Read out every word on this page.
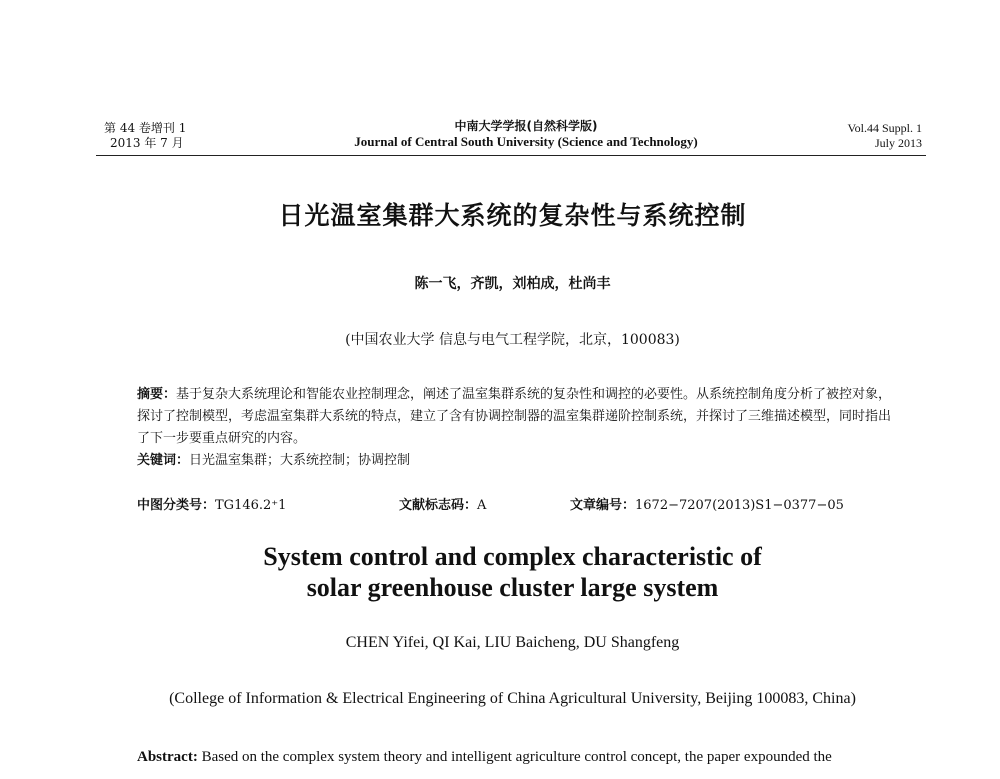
第 44 卷增刊 1
2013 年 7 月
中南大学学报(自然科学版)
Journal of Central South University (Science and Technology)
Vol.44 Suppl. 1
July 2013
日光温室集群大系统的复杂性与系统控制
陈一飞，齐凯，刘柏成，杜尚丰
(中国农业大学 信息与电气工程学院，北京，100083)
摘要：基于复杂大系统理论和智能农业控制理念，阐述了温室集群系统的复杂性和调控的必要性。从系统控制角度分析了被控对象，探讨了控制模型，考虑温室集群大系统的特点，建立了含有协调控制器的温室集群递阶控制系统，并探讨了三维描述模型，同时指出了下一步要重点研究的内容。
关键词：日光温室集群；大系统控制；协调控制
中图分类号：TG146.2⁺1	文献标志码：A	文章编号：1672−7207(2013)S1−0377−05
System control and complex characteristic of
solar greenhouse cluster large system
CHEN Yifei, QI Kai, LIU Baicheng, DU Shangfeng
(College of Information & Electrical Engineering of China Agricultural University, Beijing 100083, China)
Abstract: Based on the complex system theory and intelligent agriculture control concept, the paper expounded the
